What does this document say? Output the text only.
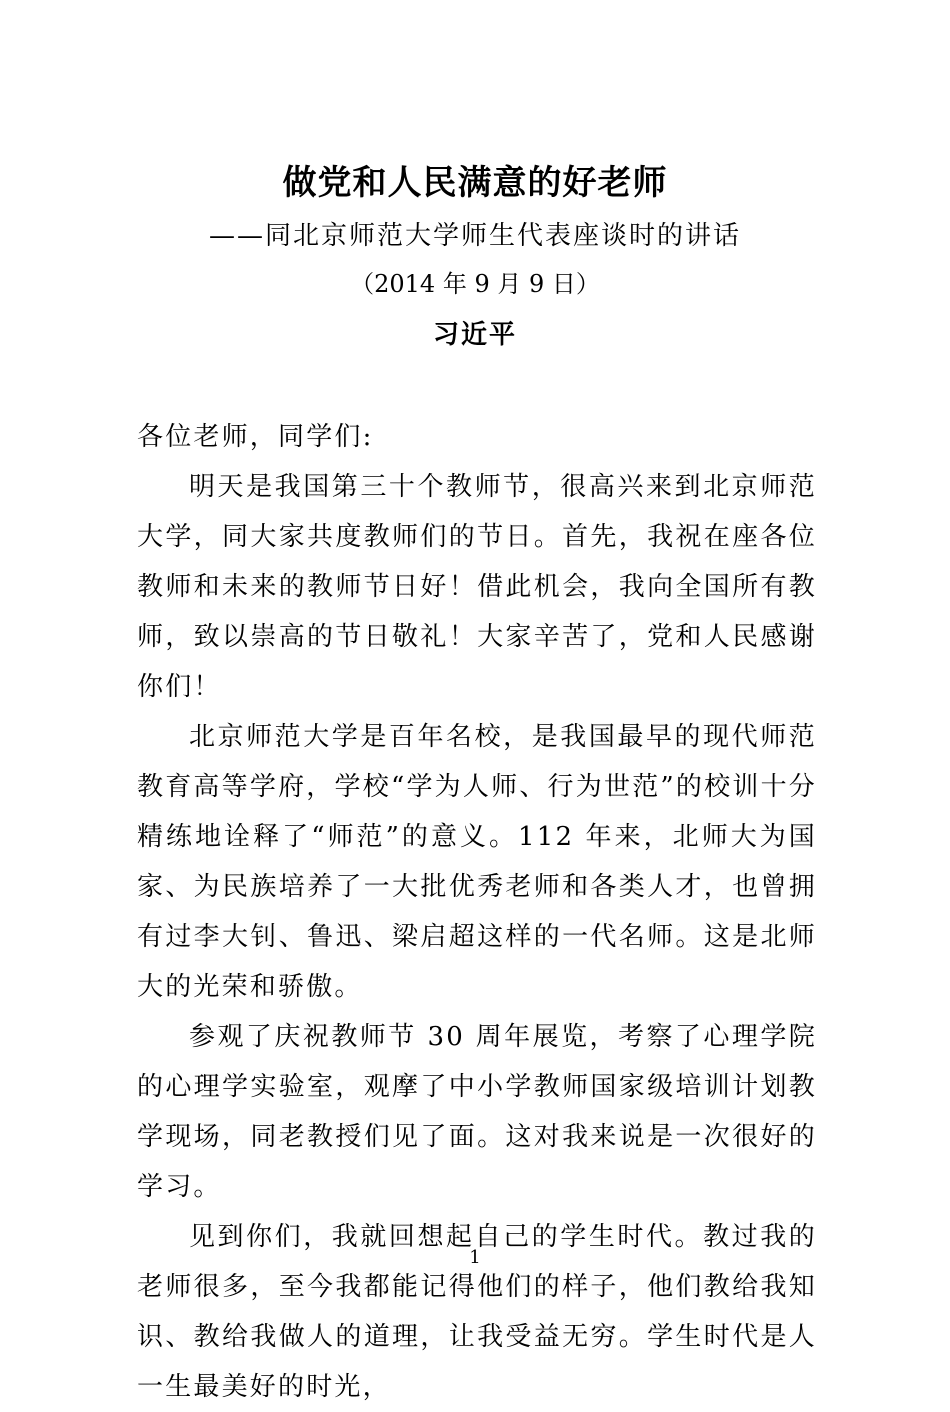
做党和人民满意的好老师
——同北京师范大学师生代表座谈时的讲话
（2014 年 9 月 9 日）
习近平

各位老师，同学们:

明天是我国第三十个教师节，很高兴来到北京师范大学，同大家共度教师们的节日。首先，我祝在座各位教师和未来的教师节日好！借此机会，我向全国所有教师，致以崇高的节日敬礼！大家辛苦了，党和人民感谢你们！

北京师范大学是百年名校，是我国最早的现代师范教育高等学府，学校“学为人师、行为世范”的校训十分精练地诠释了“师范”的意义。112 年来，北师大为国家、为民族培养了一大批优秀老师和各类人才，也曾拥有过李大钊、鲁迅、梁启超这样的一代名师。这是北师大的光荣和骄傲。

参观了庆祝教师节 30 周年展览，考察了心理学院的心理学实验室，观摩了中小学教师国家级培训计划教学现场，同老教授们见了面。这对我来说是一次很好的学习。

见到你们，我就回想起自己的学生时代。教过我的老师很多，至今我都能记得他们的样子，他们教给我知识、教给我做人的道理，让我受益无穷。学生时代是人一生最美好的时光，

1
